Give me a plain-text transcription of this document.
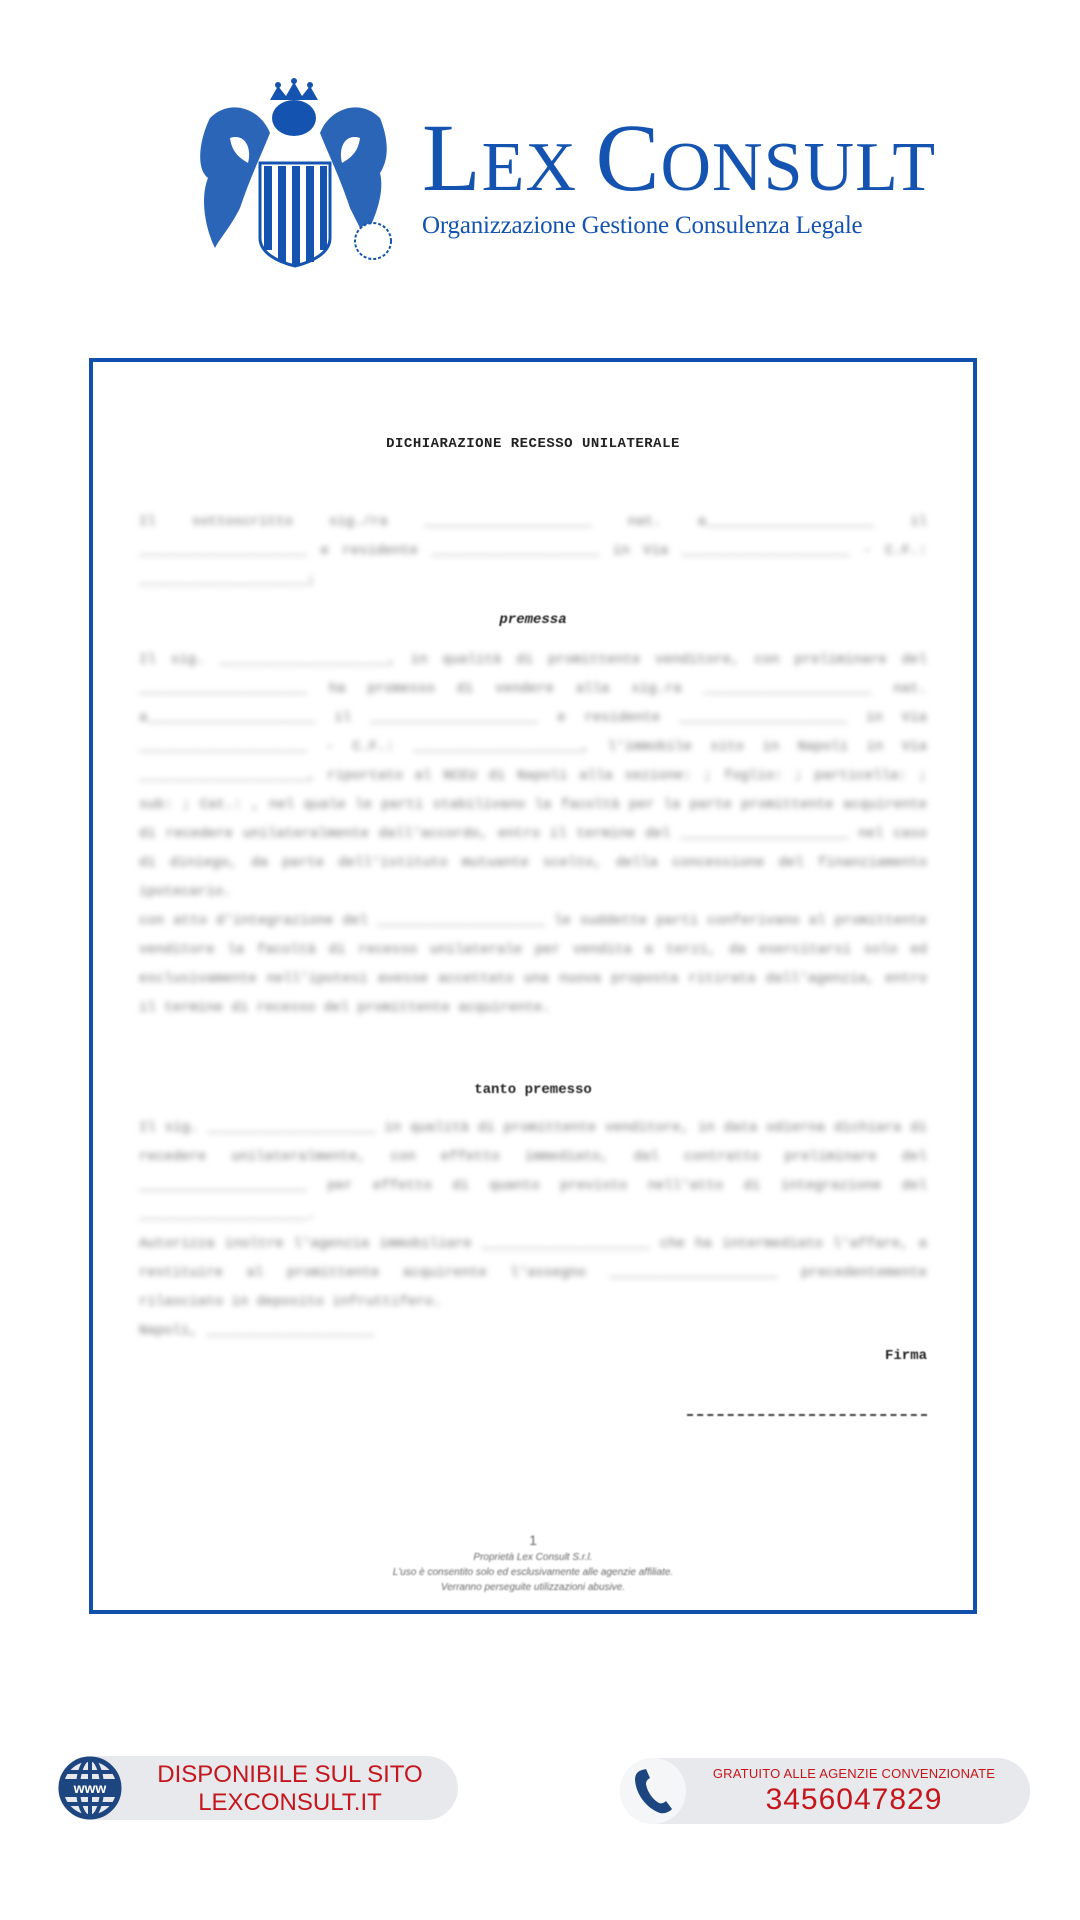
LEX CONSULT
Organizzazione Gestione Consulenza Legale
DICHIARAZIONE RECESSO UNILATERALE
Il sottoscritto sig./ra ____________________ nat. a____________________ il ____________________ e residente ____________________ in Via ____________________ - C.F.: ____________________;
premessa
Il sig. ____________________, in qualità di promittente venditore, con preliminare del ____________________ ha promesso di vendere alla sig.ra ____________________ nat. a____________________ il ____________________ e residente ____________________ in Via ____________________ - C.F.: ____________________, l'immobile sito in Napoli in Via ____________________, riportato al NCEU di Napoli alla sezione: ; foglio: ; particella: ; sub: ; Cat.: , nel quale le parti stabilivano la facoltà per la parte promittente acquirente di recedere unilateralmente dall'accordo, entro il termine del ____________________ nel caso di diniego, da parte dell'istituto mutuante scelto, della concessione del finanziamento ipotecario.
con atto d'integrazione del ____________________ le suddette parti conferivano al promittente venditore la facoltà di recesso unilaterale per vendita a terzi, da esercitarsi solo ed esclusivamente nell'ipotesi avesse accettato una nuova proposta ritirata dall'agenzia, entro il termine di recesso del promittente acquirente.
tanto premesso
Il sig. ____________________ in qualità di promittente venditore, in data odierna dichiara di recedere unilateralmente, con effetto immediato, dal contratto preliminare del ____________________ per effetto di quanto previsto nell'atto di integrazione del ____________________.
Autorizza inoltre l'agenzia immobiliare ____________________ che ha intermediato l'affare, a restituire al promittente acquirente l'assegno ____________________ precedentemente rilasciato in deposito infruttifero.
Napoli, ____________________
Firma
1
Proprietà Lex Consult S.r.l.
L'uso è consentito solo ed esclusivamente alle agenzie affiliate.
Verranno perseguite utilizzazioni abusive.
www	DISPONIBILE SUL SITO
LEXCONSULT.IT
GRATUITO ALLE AGENZIE CONVENZIONATE
3456047829
